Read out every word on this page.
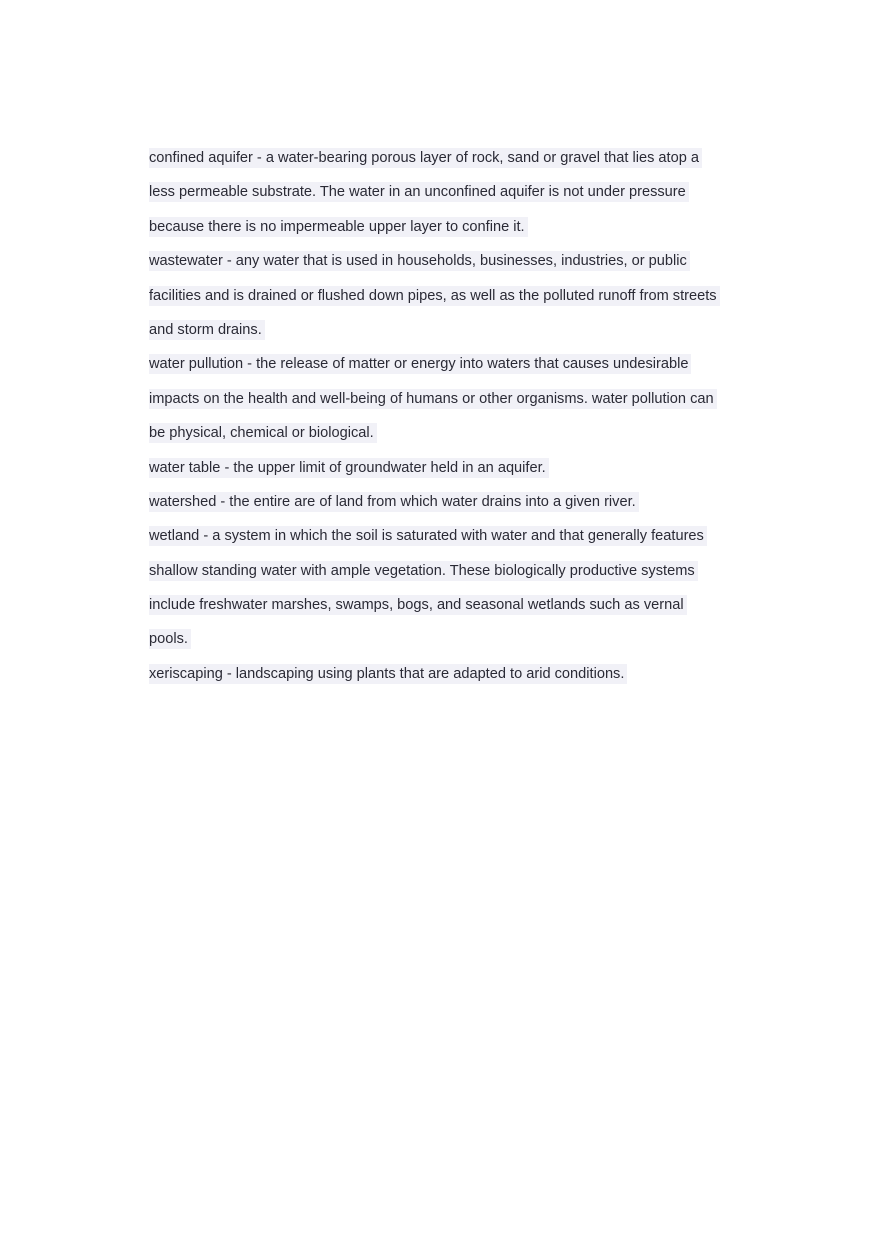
confined aquifer - a water-bearing porous layer of rock, sand or gravel that lies atop a
less permeable substrate. The water in an unconfined aquifer is not under pressure
because there is no impermeable upper layer to confine it.
wastewater - any water that is used in households, businesses, industries, or public
facilities and is drained or flushed down pipes, as well as the polluted runoff from streets
and storm drains.
water pullution - the release of matter or energy into waters that causes undesirable
impacts on the health and well-being of humans or other organisms. water pollution can
be physical, chemical or biological.
water table - the upper limit of groundwater held in an aquifer.
watershed - the entire are of land from which water drains into a given river.
wetland - a system in which the soil is saturated with water and that generally features
shallow standing water with ample vegetation. These biologically productive systems
include freshwater marshes, swamps, bogs, and seasonal wetlands such as vernal
pools.
xeriscaping - landscaping using plants that are adapted to arid conditions.
